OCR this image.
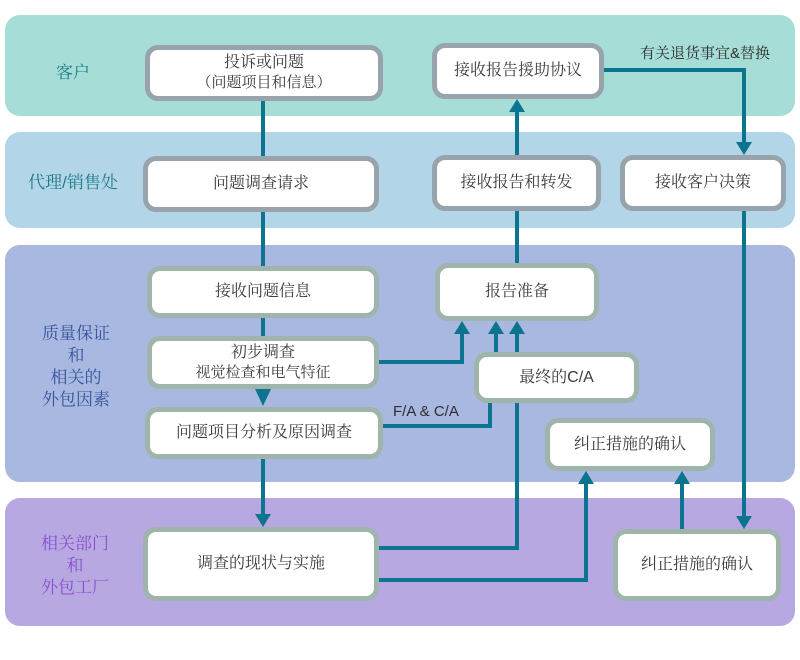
客户
代理/销售处
质量保证
和
相关的
外包因素
相关部门
和
外包工厂
投诉或问题
（问题项目和信息）
接收报告援助协议
问题调查请求	接收报告和转发	接收客户决策
接收问题信息
初步调查
视觉检查和电气特征
问题项目分析及原因调查
报告准备
最终的C/A
纠正措施的确认
调查的现状与实施	纠正措施的确认
有关退货事宜&替换
F/A & C/A
